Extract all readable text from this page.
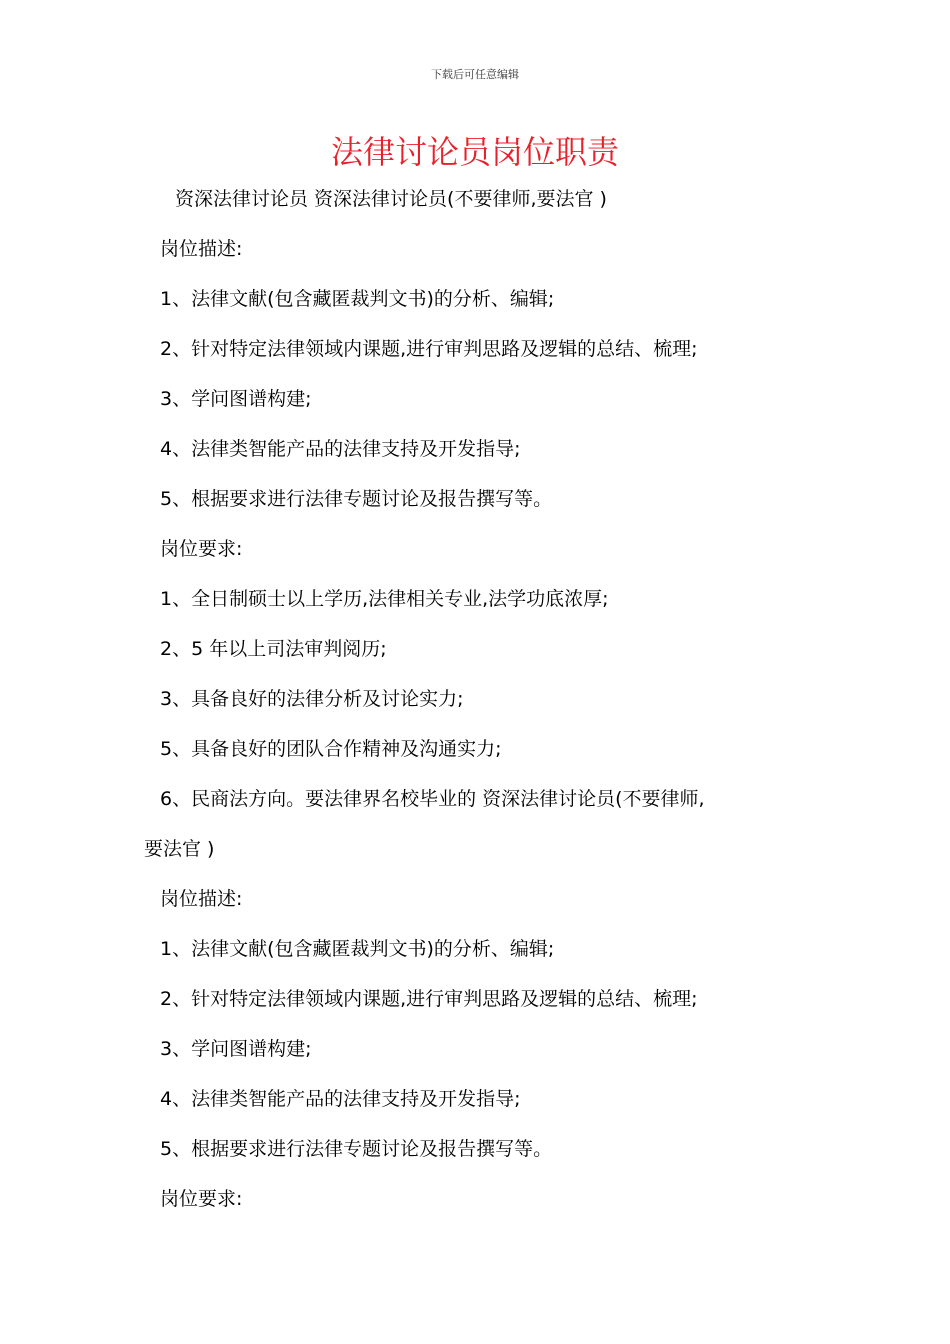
下载后可任意编辑
法律讨论员岗位职责
资深法律讨论员 资深法律讨论员(不要律师,要法官 )
岗位描述:
1、法律文献(包含藏匿裁判文书)的分析、编辑;
2、针对特定法律领域内课题,进行审判思路及逻辑的总结、梳理;
3、学问图谱构建;
4、法律类智能产品的法律支持及开发指导;
5、根据要求进行法律专题讨论及报告撰写等。
岗位要求:
1、全日制硕士以上学历,法律相关专业,法学功底浓厚;
2、5 年以上司法审判阅历;
3、具备良好的法律分析及讨论实力;
5、具备良好的团队合作精神及沟通实力;
6、民商法方向。要法律界名校毕业的 资深法律讨论员(不要律师,
要法官 )
岗位描述:
1、法律文献(包含藏匿裁判文书)的分析、编辑;
2、针对特定法律领域内课题,进行审判思路及逻辑的总结、梳理;
3、学问图谱构建;
4、法律类智能产品的法律支持及开发指导;
5、根据要求进行法律专题讨论及报告撰写等。
岗位要求:
